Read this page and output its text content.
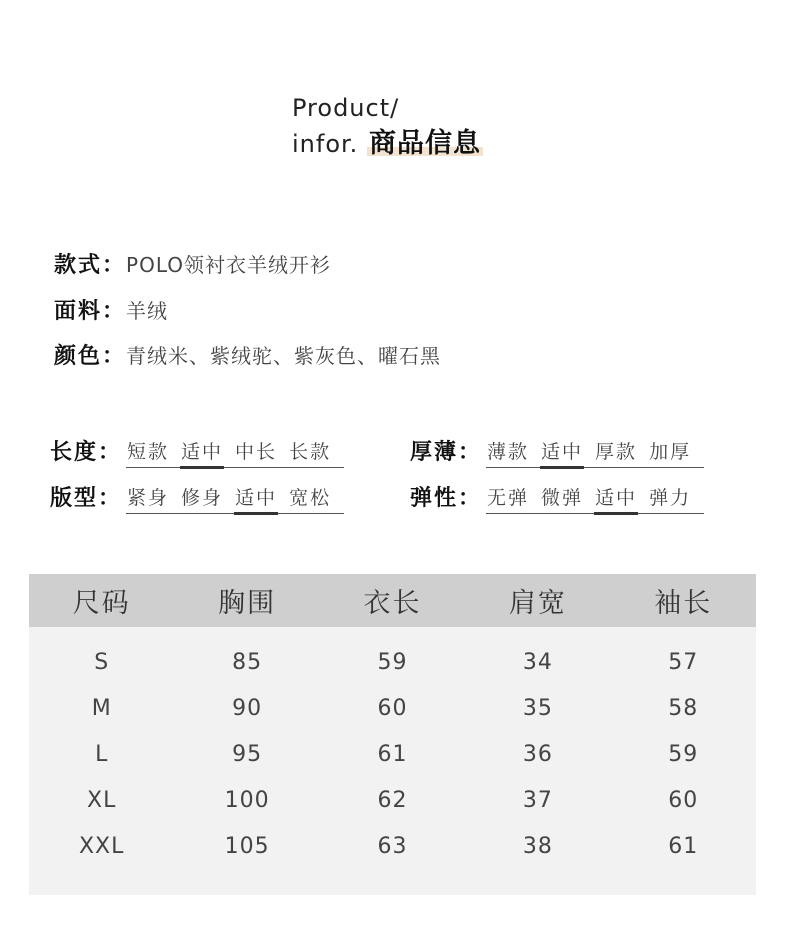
Product/
infor. 商品信息
款式：POLO领衬衣羊绒开衫
面料：羊绒
颜色：青绒米、紫绒驼、紫灰色、曜石黑
长度： 短款 适中 中长 长款
版型： 紧身 修身 适中 宽松
厚薄： 薄款 适中 厚款 加厚
弹性： 无弹 微弹 适中 弹力
尺码	胸围	衣长	肩宽	袖长
S	85	59	34	57
M	90	60	35	58
L	95	61	36	59
XL	100	62	37	60
XXL	105	63	38	61
